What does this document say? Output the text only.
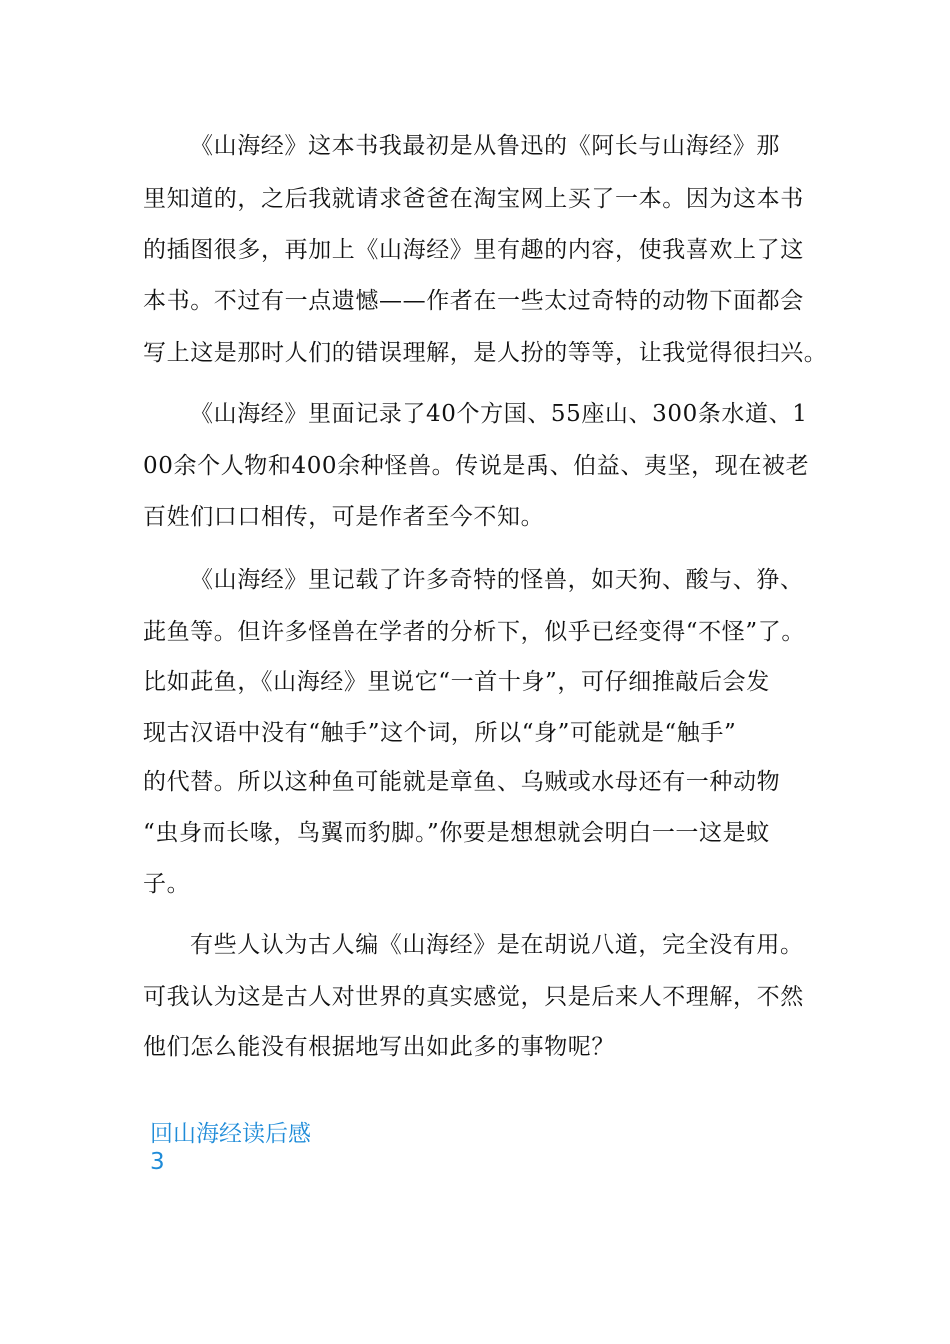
《山海经》这本书我最初是从鲁迅的《阿长与山海经》那
里知道的，之后我就请求爸爸在淘宝网上买了一本。因为这本书
的插图很多，再加上《山海经》里有趣的内容，使我喜欢上了这
本书。不过有一点遗憾——作者在一些太过奇特的动物下面都会
写上这是那时人们的错误理解，是人扮的等等，让我觉得很扫兴。
《山海经》里面记录了40个方国、55座山、300条水道、1
00余个人物和400余种怪兽。传说是禹、伯益、夷坚，现在被老
百姓们口口相传，可是作者至今不知。
《山海经》里记载了许多奇特的怪兽，如天狗、酸与、狰、
茈鱼等。但许多怪兽在学者的分析下，似乎已经变得“不怪”了。
比如茈鱼，《山海经》里说它“一首十身”，可仔细推敲后会发
现古汉语中没有“触手”这个词，所以“身”可能就是“触手”
的代替。所以这种鱼可能就是章鱼、乌贼或水母还有一种动物
“虫身而长喙，鸟翼而豹脚。”你要是想想就会明白一一这是蚊
子。
有些人认为古人编《山海经》是在胡说八道，完全没有用。
可我认为这是古人对世界的真实感觉，只是后来人不理解，不然
他们怎么能没有根据地写出如此多的事物呢？
回山海经读后感
3
